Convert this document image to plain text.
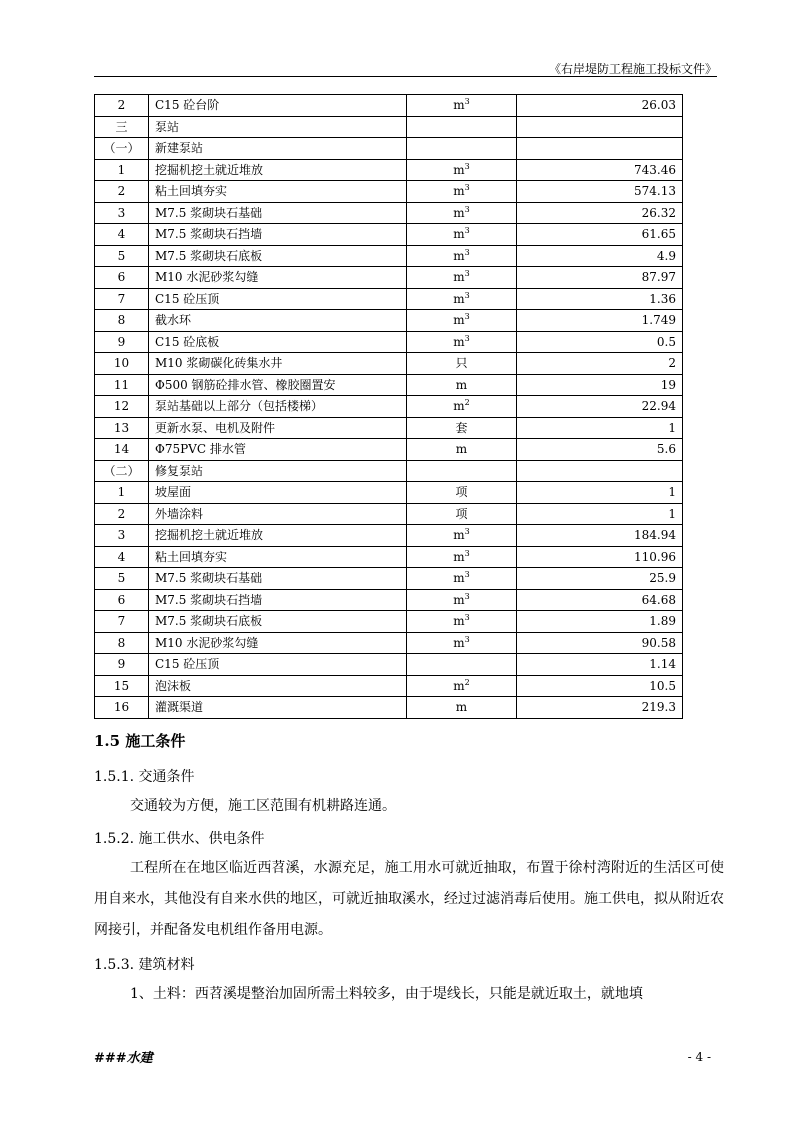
《右岸堤防工程施工投标文件》
2	C15 砼台阶	$m^3$	26.03
三	泵站		
（一）	新建泵站		
1	挖掘机挖土就近堆放	$m^3$	743.46
2	粘土回填夯实	$m^3$	574.13
3	M7.5 浆砌块石基础	$m^3$	26.32
4	M7.5 浆砌块石挡墙	$m^3$	61.65
5	M7.5 浆砌块石底板	$m^3$	4.9
6	M10 水泥砂浆勾缝	$m^3$	87.97
7	C15 砼压顶	$m^3$	1.36
8	截水环	$m^3$	1.749
9	C15 砼底板	$m^3$	0.5
10	M10 浆砌碳化砖集水井	只	2
11	Φ500 钢筋砼排水管、橡胶圈置安	m	19
12	泵站基础以上部分（包括楼梯）	$m^2$	22.94
13	更新水泵、电机及附件	套	1
14	Φ75PVC 排水管	m	5.6
（二）	修复泵站		
1	坡屋面	项	1
2	外墙涂料	项	1
3	挖掘机挖土就近堆放	$m^3$	184.94
4	粘土回填夯实	$m^3$	110.96
5	M7.5 浆砌块石基础	$m^3$	25.9
6	M7.5 浆砌块石挡墙	$m^3$	64.68
7	M7.5 浆砌块石底板	$m^3$	1.89
8	M10 水泥砂浆勾缝	$m^3$	90.58
9	C15 砼压顶		1.14
15	泡沫板	$m^2$	10.5
16	灌溉渠道	m	219.3
1.5 施工条件
1.5.1. 交通条件
交通较为方便，施工区范围有机耕路连通。
1.5.2. 施工供水、供电条件
工程所在在地区临近西苕溪，水源充足，施工用水可就近抽取，布置于徐村湾附近的生活区可使用自来水，其他没有自来水供的地区，可就近抽取溪水，经过过滤消毒后使用。施工供电，拟从附近农网接引，并配备发电机组作备用电源。
1.5.3. 建筑材料
1、土料：西苕溪堤整治加固所需土料较多，由于堤线长，只能是就近取土，就地填
###水建	- 4 -
